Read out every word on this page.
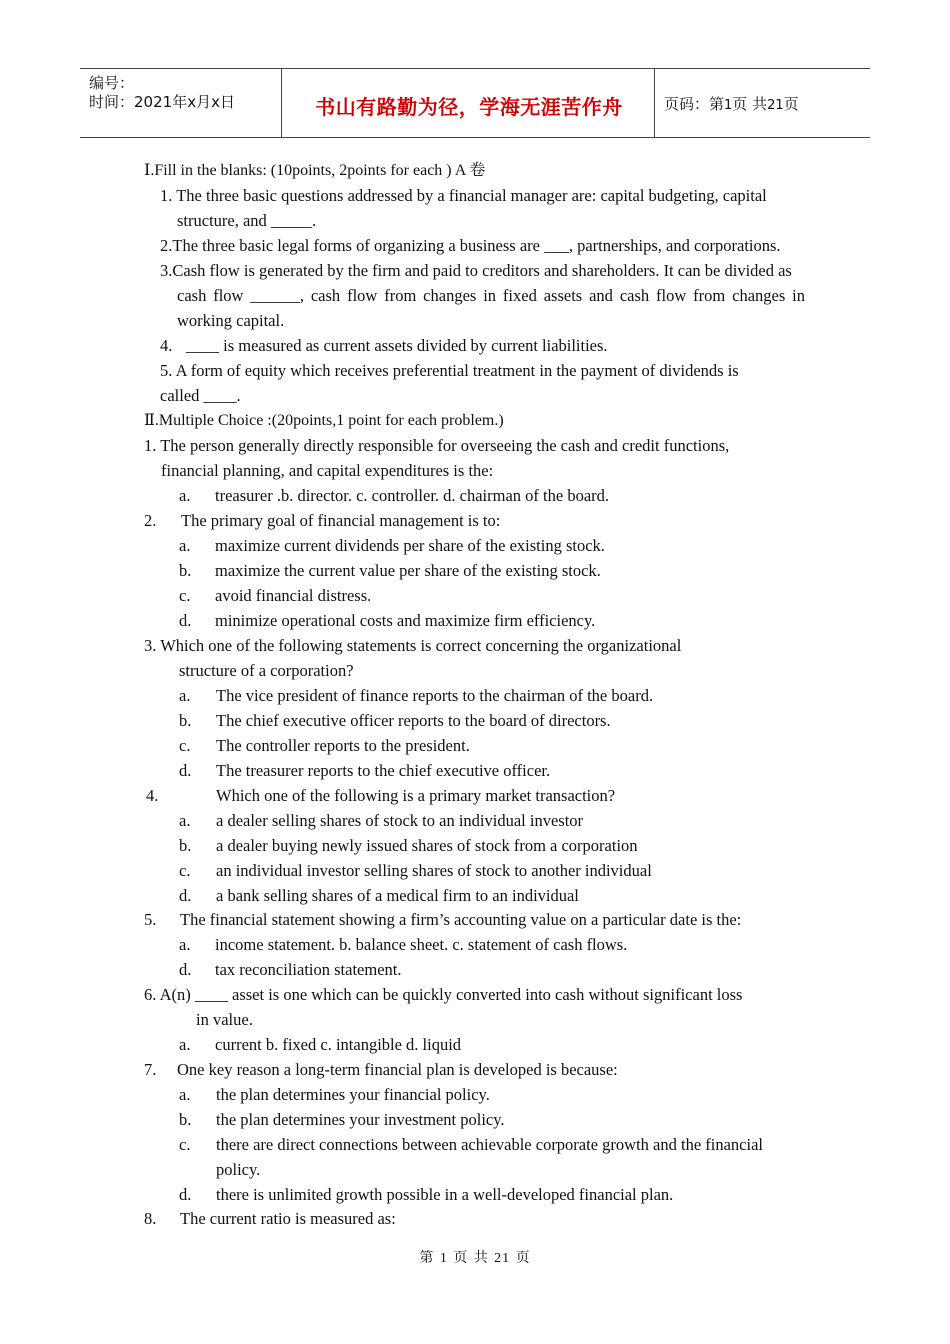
编号：
时间：2021年x月x日	书山有路勤为径，学海无涯苦作舟	页码：第1页 共21页
Ⅰ.Fill in the blanks: (10points, 2points for each ) A 卷
1. The three basic questions addressed by a financial manager are: capital budgeting, capital
structure, and _____.
2.The three basic legal forms of organizing a business are ___, partnerships, and corporations.
3.Cash flow is generated by the firm and paid to creditors and shareholders. It can be divided as
cash flow ______, cash flow from changes in fixed assets and cash flow from changes in
working capital.
4. ____ is measured as current assets divided by current liabilities.
5. A form of equity which receives preferential treatment in the payment of dividends is
called ____.
Ⅱ.Multiple Choice :(20points,1 point for each problem.)
1. The person generally directly responsible for overseeing the cash and credit functions,
financial planning, and capital expenditures is the:
a. treasurer .b. director. c. controller. d. chairman of the board.
2. The primary goal of financial management is to:
a. maximize current dividends per share of the existing stock.
b. maximize the current value per share of the existing stock.
c. avoid financial distress.
d. minimize operational costs and maximize firm efficiency.
3. Which one of the following statements is correct concerning the organizational
structure of a corporation?
a. The vice president of finance reports to the chairman of the board.
b. The chief executive officer reports to the board of directors.
c. The controller reports to the president.
d. The treasurer reports to the chief executive officer.
4.	Which one of the following is a primary market transaction?
a. a dealer selling shares of stock to an individual investor
b. a dealer buying newly issued shares of stock from a corporation
c. an individual investor selling shares of stock to another individual
d. a bank selling shares of a medical firm to an individual
5. The financial statement showing a firm’s accounting value on a particular date is the:
a. income statement. b. balance sheet. c. statement of cash flows.
d. tax reconciliation statement.
6. A(n) ____ asset is one which can be quickly converted into cash without significant loss
in value.
a. current b. fixed c. intangible d. liquid
7. One key reason a long-term financial plan is developed is because:
a. the plan determines your financial policy.
b. the plan determines your investment policy.
c. there are direct connections between achievable corporate growth and the financial
policy.
d. there is unlimited growth possible in a well-developed financial plan.
8. The current ratio is measured as:
第 1 页 共 21 页
